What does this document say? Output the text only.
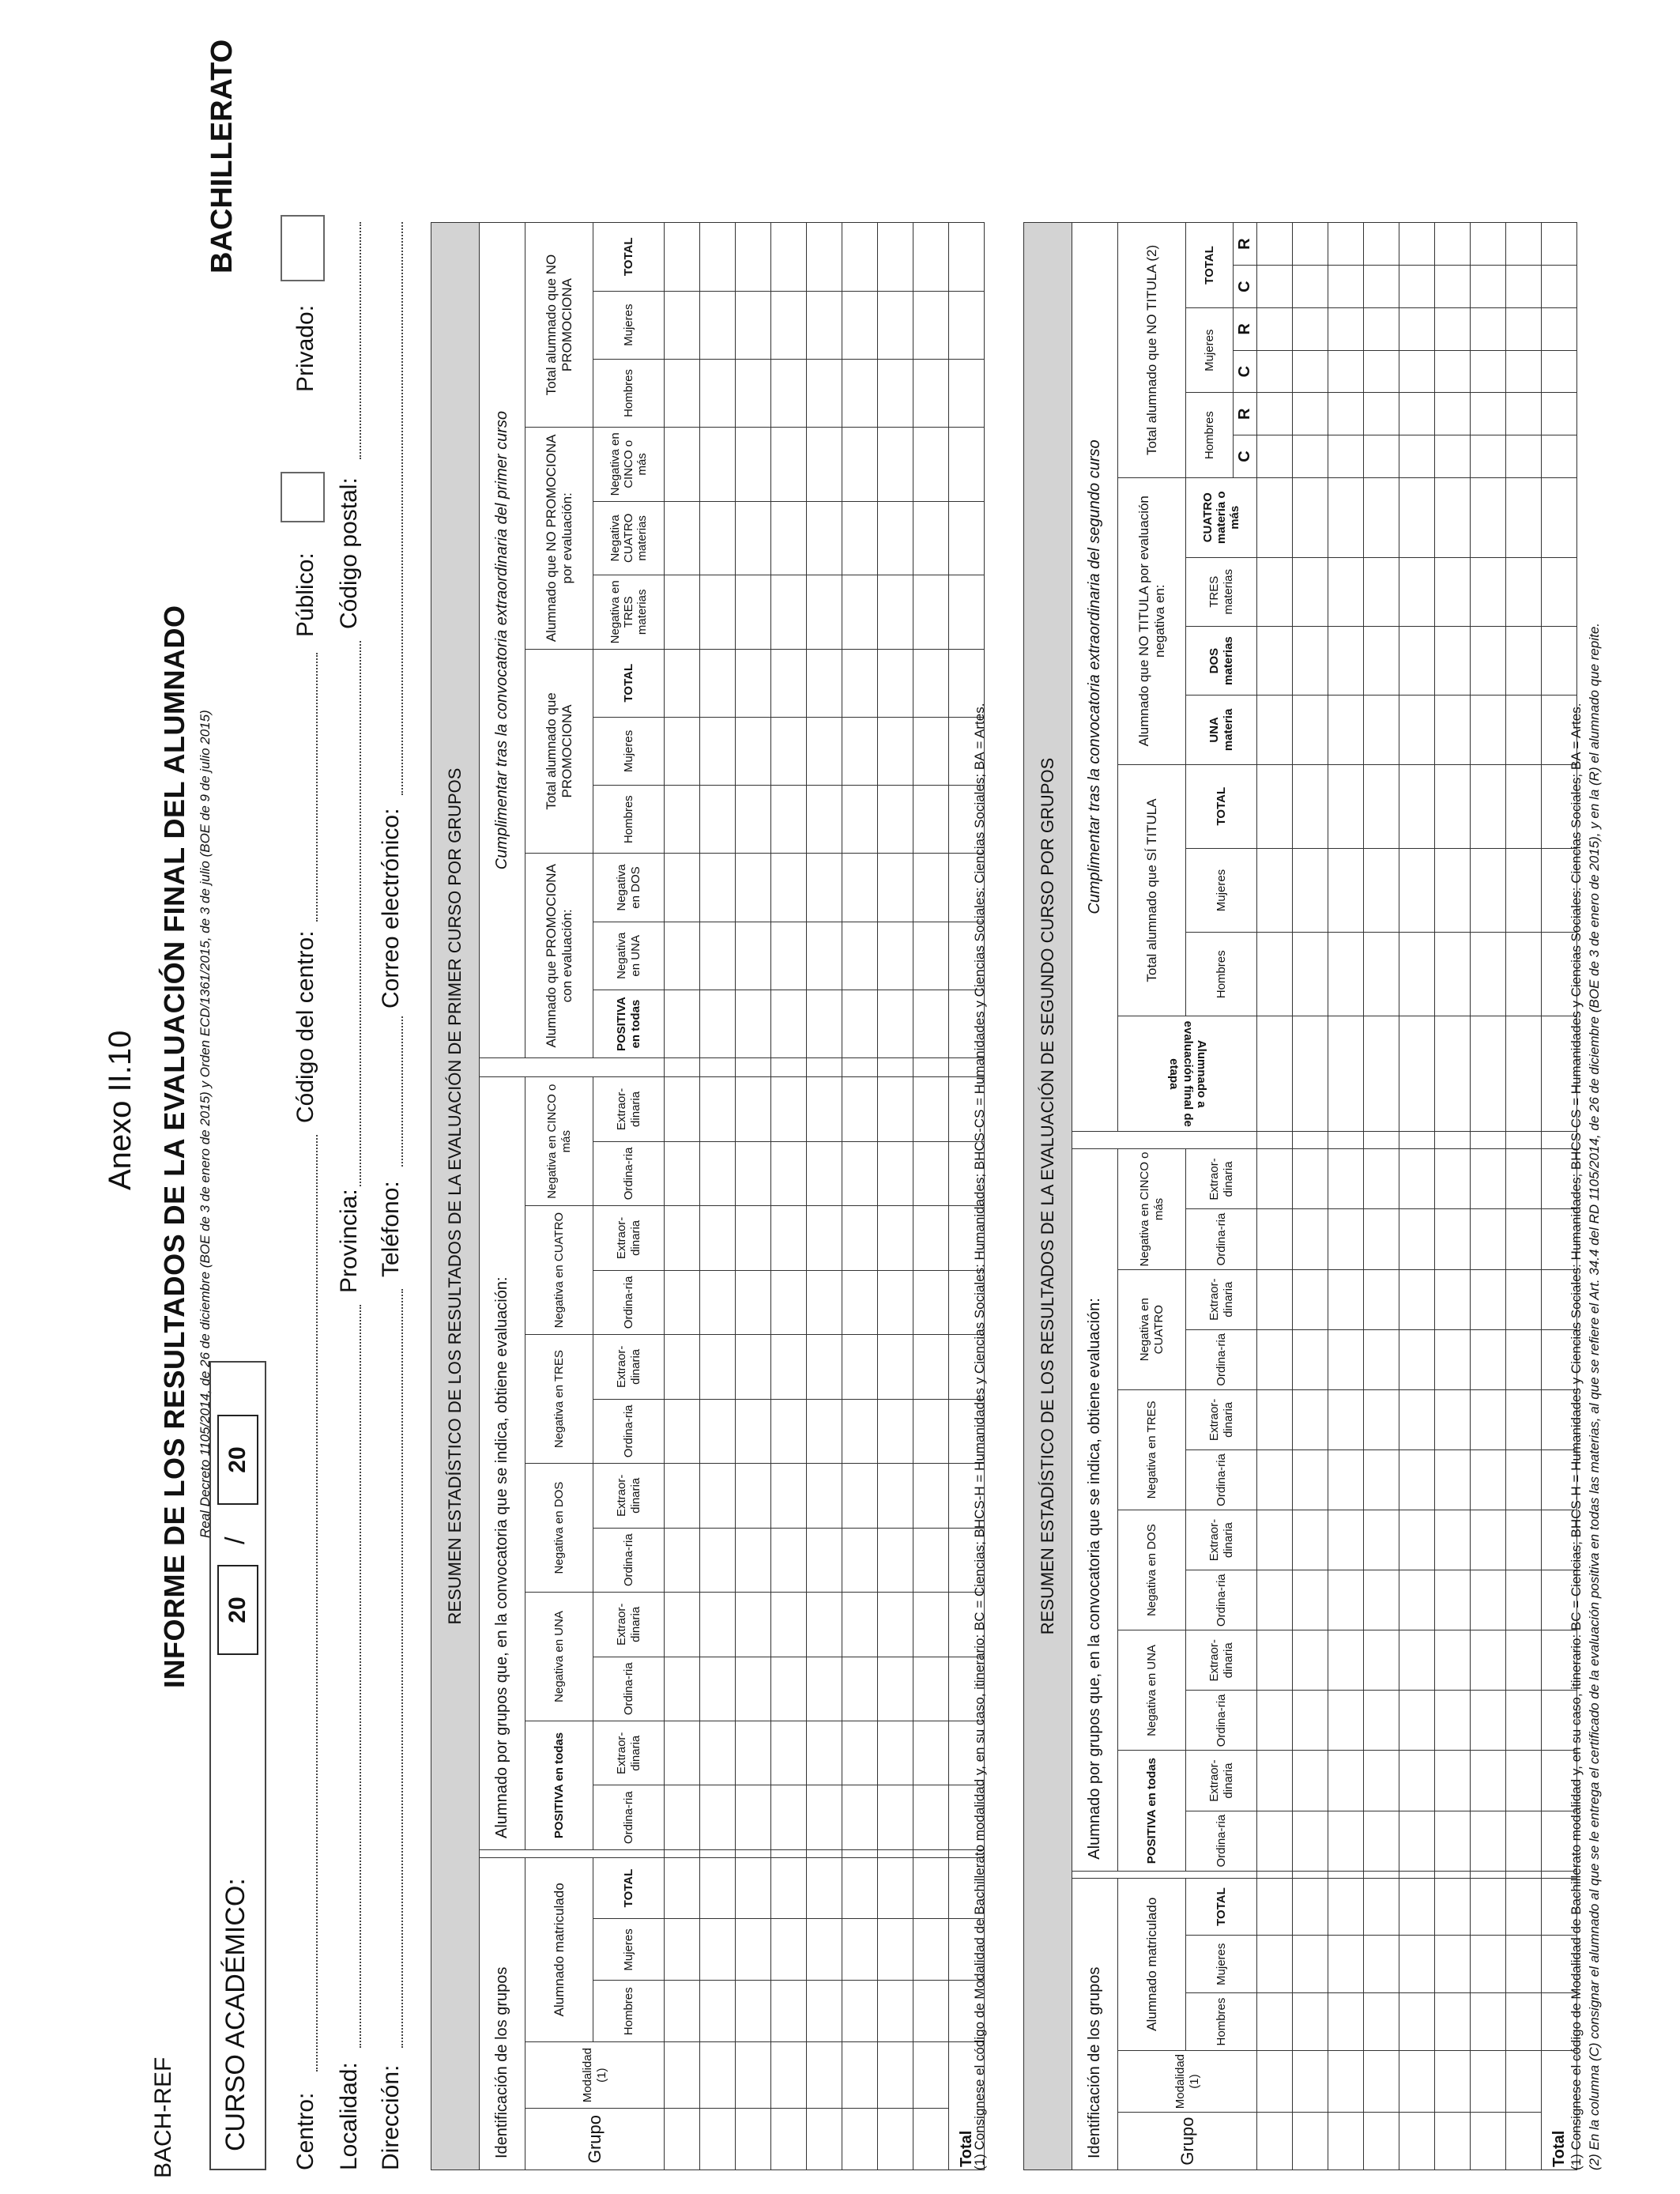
BACH-REF
Anexo II.10 INFORME DE LOS RESULTADOS DE LA EVALUACIÓN FINAL DEL ALUMNADO Real Decreto 1105/2014, de 26 de diciembre (BOE de 3 de enero de 2015) y Orden ECD/1361/2015, de 3 de julio (BOE de 9 de julio 2015)
BACHILLERATO
CURSO ACADÉMICO:
20
/
20
Centro:
Código del centro:
Público:
Privado:
Localidad:
Provincia:
Código postal:
Dirección:
Teléfono:
Correo electrónico: RESUMEN ESTADÍSTICO DE LOS RESULTADOS DE LA EVALUACIÓN DE PRIMER CURSO POR GRUPOS																														
Identificación de los grupos						Alumnado por grupos que, en la convocatoria que se indica, obtiene evaluación:													Cumplimentar tras la convocatoria extraordinaria del primer curso											
Grupo	Modalidad (1)	Alumnado matriculado				POSITIVA en todas		Negativa en UNA		Negativa en DOS		Negativa en TRES		Negativa en CUATRO		Negativa en CINCO o más			Alumnado que PROMOCIONA con evaluación:			Total alumnado que PROMOCIONA			Alumnado que NO PROMOCIONA por evaluación:			Total alumnado que NO PROMOCIONA		
		Hombres	Mujeres	TOTAL		Ordina-ria	Extraor-dinaria	Ordina-ria	Extraor-dinaria	Ordina-ria	Extraor-dinaria	Ordina-ria	Extraor-dinaria	Ordina-ria	Extraor-dinaria	Ordina-ria	Extraor-dinaria		POSITIVA en todas	Negativa en UNA	Negativa en DOS	Hombres	Mujeres	TOTAL	Negativa en TRES materias	Negativa CUATRO materias	Negativa en CINCO o más	Hombres	Mujeres	TOTAL

Total																														
(1) Consignese el código de Modalidad de Bachillerato modalidad y, en su caso, itinerario: BC = Ciencias; BHCS-H = Humanidades y Ciencias Sociales: Humanidades; BHCS-CS = Humanidades y Ciencias Sociales: Ciencias Sociales; BA = Artes.	RESUMEN ESTADÍSTICO DE LOS RESULTADOS DE LA EVALUACIÓN DE SEGUNDO CURSO POR GRUPOS																																
Identificación de los grupos						Alumnado por grupos que, en la convocatoria que se indica, obtiene evaluación:													Cumplimentar tras la convocatoria extraordinaria del segundo curso													
Grupo	Modalidad (1)	Alumnado matriculado				POSITIVA en todas		Negativa en UNA		Negativa en DOS		Negativa en TRES		Negativa en CUATRO		Negativa en CINCO o más			Alumnado a evaluación final de etapa	Total alumnado que SÍ TITULA			Alumnado que NO TITULA por evaluación negativa en:				Total alumnado que NO TITULA (2)					
		Hombres	Mujeres	TOTAL		Ordina-ria	Extraor-dinaria	Ordina-ria	Extraor-dinaria	Ordina-ria	Extraor-dinaria	Ordina-ria	Extraor-dinaria	Ordina-ria	Extraor-dinaria	Ordina-ria	Extraor-dinaria			Hombres	Mujeres	TOTAL	UNA materia	DOS materias	TRES materias	CUATRO materia o más	Hombres		Mujeres		TOTAL	
																											C	R	C	R	C	R

Total																																(1) Consignese el código de Modalidad de Bachillerato modalidad y, en su caso, itinerario: BC = Ciencias; BHCS-H = Humanidades y Ciencias Sociales: Humanidades; BHCS-CS = Humanidades y Ciencias Sociales: Ciencias Sociales; BA = Artes. (2) En la columna (C) consignar el alumnado al que se le entrega el certificado de la evaluación positiva en todas las materias, al que se refiere el Art. 34.4 del RD 1105/2014, de 26 de diciembre (BOE de 3 de enero de 2015), y en la (R) el alumnado que repite.
